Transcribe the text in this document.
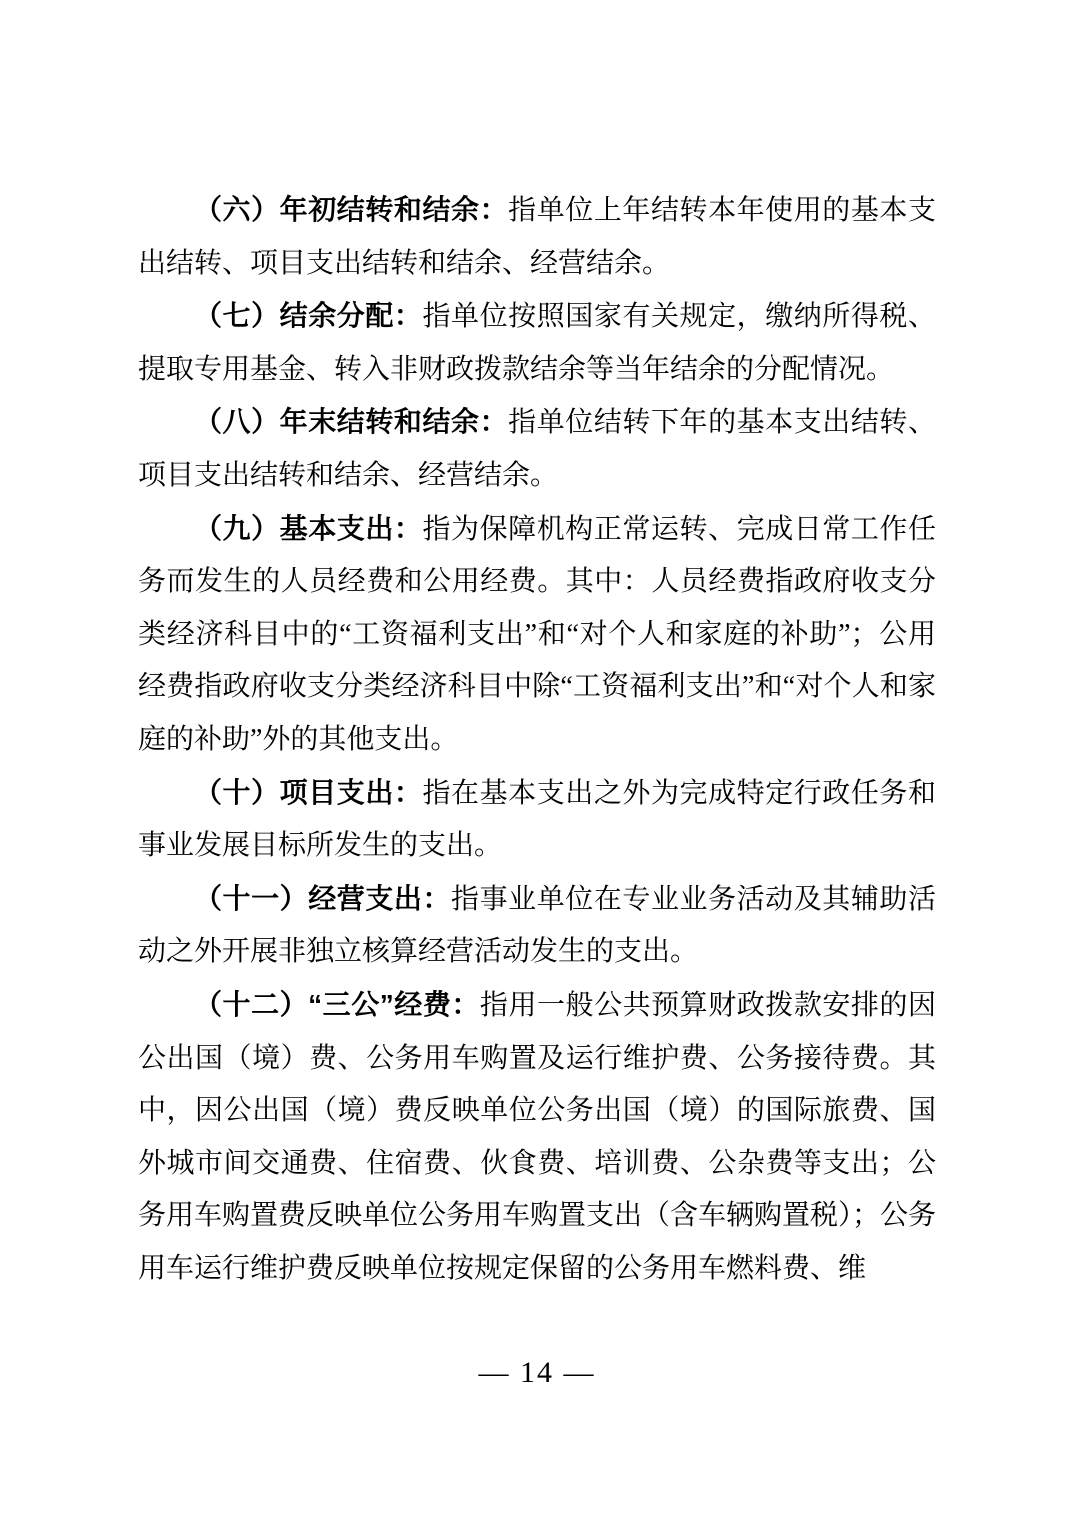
（六）年初结转和结余：指单位上年结转本年使用的基本支出结转、项目支出结转和结余、经营结余。

（七）结余分配：指单位按照国家有关规定，缴纳所得税、提取专用基金、转入非财政拨款结余等当年结余的分配情况。

（八）年末结转和结余：指单位结转下年的基本支出结转、项目支出结转和结余、经营结余。

（九）基本支出：指为保障机构正常运转、完成日常工作任务而发生的人员经费和公用经费。其中：人员经费指政府收支分类经济科目中的“工资福利支出”和“对个人和家庭的补助”；公用经费指政府收支分类经济科目中除“工资福利支出”和“对个人和家庭的补助”外的其他支出。

（十）项目支出：指在基本支出之外为完成特定行政任务和事业发展目标所发生的支出。

（十一）经营支出：指事业单位在专业业务活动及其辅助活动之外开展非独立核算经营活动发生的支出。

（十二）“三公”经费：指用一般公共预算财政拨款安排的因公出国（境）费、公务用车购置及运行维护费、公务接待费。其中，因公出国（境）费反映单位公务出国（境）的国际旅费、国外城市间交通费、住宿费、伙食费、培训费、公杂费等支出；公务用车购置费反映单位公务用车购置支出（含车辆购置税）；公务用车运行维护费反映单位按规定保留的公务用车燃料费、维

— 14 —
